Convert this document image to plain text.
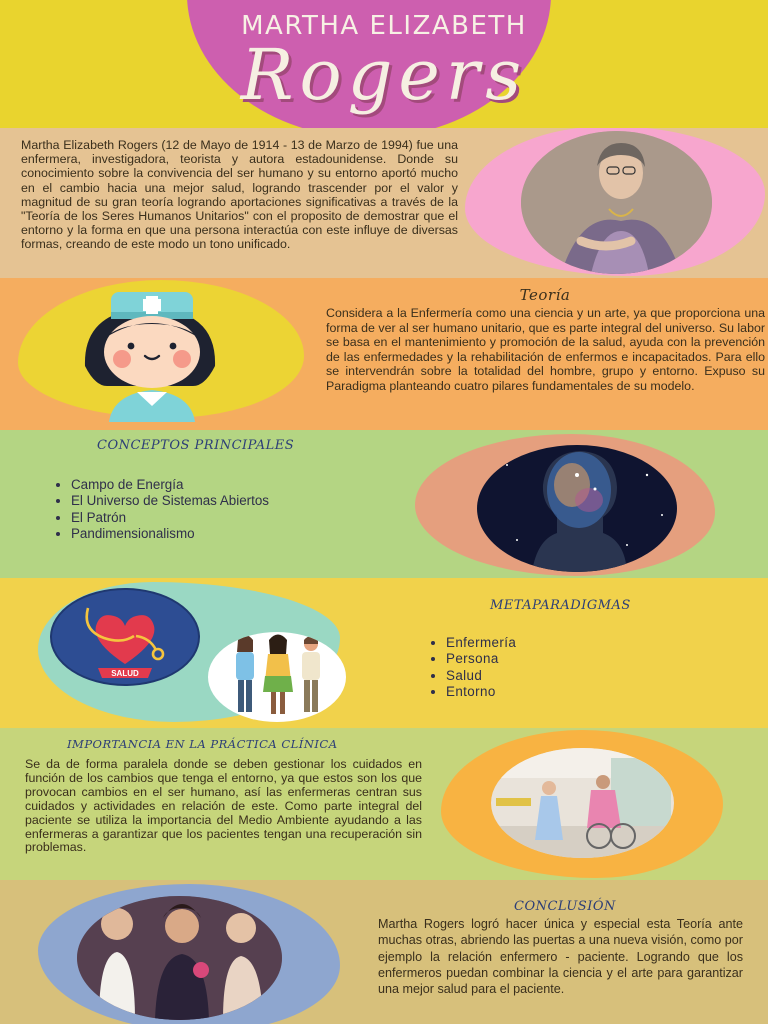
MARTHA ELIZABETH
Rogers

Martha Elizabeth Rogers (12 de Mayo de 1914 - 13 de Marzo de 1994) fue una enfermera, investigadora, teorista y autora estadounidense. Donde su conocimiento sobre la convivencia del ser humano y su entorno aportó mucho en el cambio hacia una mejor salud, logrando trascender por el valor y magnitud de su gran teoría logrando aportaciones significativas a través de la "Teoría de los Seres Humanos Unitarios" con el proposito de demostrar que el entorno y la forma en que una persona interactúa con este influye de diversas formas, creando de este modo un tono unificado.

Teoría

Considera a la Enfermería como una ciencia y un arte, ya que proporciona una forma de ver al ser humano unitario, que es parte integral del universo. Su labor se basa en el mantenimiento y promoción de la salud, ayuda con la prevención de las enfermedades y la rehabilitación de enfermos e incapacitados. Para ello se intervendrán sobre la totalidad del hombre, grupo y entorno. Expuso su Paradigma planteando cuatro pilares fundamentales de su modelo.

CONCEPTOS PRINCIPALES
• Campo de Energía
• El Universo de Sistemas Abiertos
• El Patrón
• Pandimensionalismo
SALUD
METAPARADIGMAS
• Enfermería
• Persona
• Salud
• Entorno
IMPORTANCIA EN LA PRÁCTICA CLÍNICA

Se da de forma paralela donde se deben gestionar los cuidados en función de los cambios que tenga el entorno, ya que estos son los que provocan cambios en el ser humano, así las enfermeras centran sus cuidados y actividades en relación de este. Como parte integral del paciente se utiliza la importancia del Medio Ambiente ayudando a las enfermeras a garantizar que los pacientes tengan una recuperación sin problemas.

CONCLUSIÓN

Martha Rogers logró hacer única y especial esta Teoría ante muchas otras, abriendo las puertas a una nueva visión, como por ejemplo la relación enfermero - paciente. Logrando que los enfermeros puedan combinar la ciencia y el arte para garantizar una mejor salud para el paciente.
